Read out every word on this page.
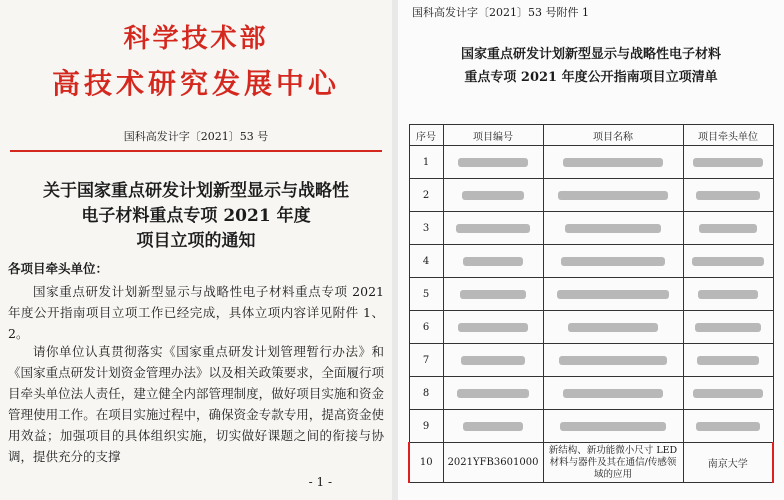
科学技术部
高技术研究发展中心
国科高发计字〔2021〕53 号
关于国家重点研发计划新型显示与战略性
电子材料重点专项 2021 年度
项目立项的通知
各项目牵头单位：
国家重点研发计划新型显示与战略性电子材料重点专项 2021 年度公开指南项目立项工作已经完成，具体立项内容详见附件 1、2。
请你单位认真贯彻落实《国家重点研发计划管理暂行办法》和《国家重点研发计划资金管理办法》以及相关政策要求，全面履行项目牵头单位法人责任，建立健全内部管理制度，做好项目实施和资金管理使用工作。在项目实施过程中，确保资金专款专用，提高资金使用效益；加强项目的具体组织实施，切实做好课题之间的衔接与协调，提供充分的支撑
- 1 -
国科高发计字〔2021〕53 号附件 1
国家重点研发计划新型显示与战略性电子材料
重点专项 2021 年度公开指南项目立项清单
序号	项目编号	项目名称	项目牵头单位
1			
2			
3			
4			
5			
6			
7			
8			
9			
10	2021YFB3601000	新结构、新功能微小尺寸 LED 材料与器件及其在通信/传感领域的应用	南京大学
